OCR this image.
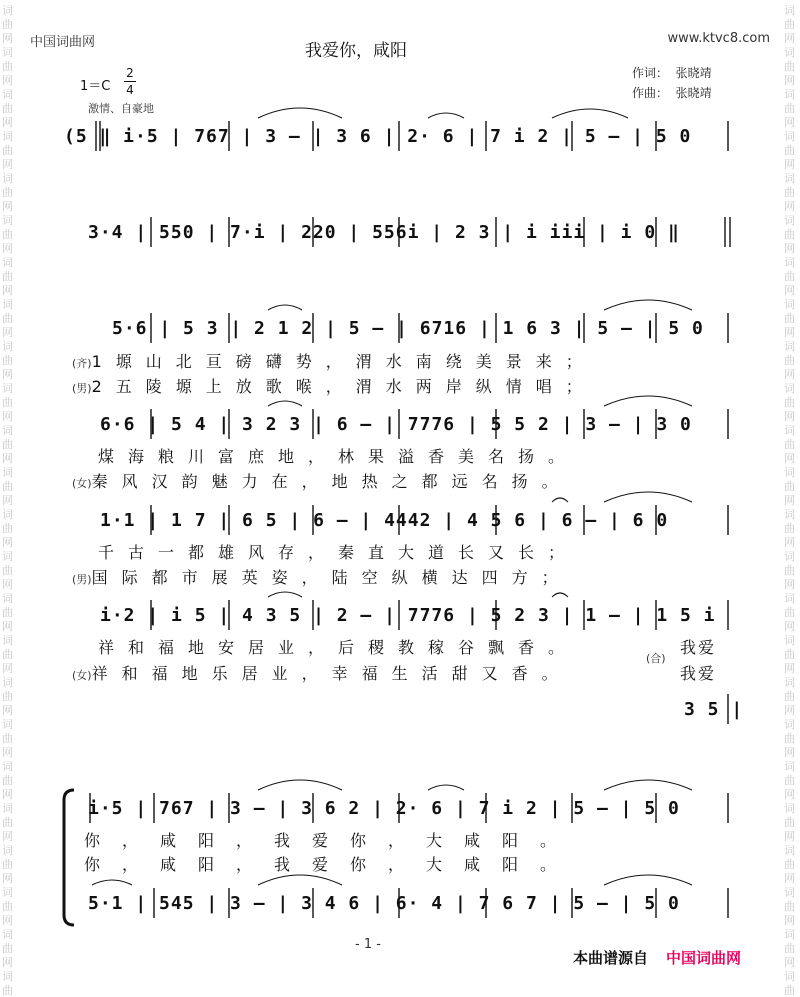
词
曲
网
词
曲
网
词
曲
网
词
曲
网
词
曲
网
词
曲
网
词
曲
网
词
曲
网
词
曲
网
词
曲
网
词
曲
网
词
曲
网
词
曲
网
词
曲
网
词
曲
网
词
曲
网
词
曲
网
词
曲
网
词
曲
网
词
曲
网
词
曲
网
词
曲
网
词
曲
网
词
曲
词
曲
网
词
曲
网
词
曲
网
词
曲
网
词
曲
网
词
曲
网
词
曲
网
词
曲
网
词
曲
网
词
曲
网
词
曲
网
词
曲
网
词
曲
网
词
曲
网
词
曲
网
词
曲
网
词
曲
网
词
曲
网
词
曲
网
词
曲
网
词
曲
网
词
曲
网
词
曲
网
词
曲
中国词曲网	www.ktvc8.com
我爱你，咸阳
1＝C
2
4
激情、自豪地
作词： 张晓靖
作曲： 张晓靖
(5 ‖ i·5 | 767 | 3 – | 3 6 | 2· 6 | 7 i 2 | 5 – | 5 0
3·4 | 550 | 7·i | 220 | 556i | 2 3 | i iii | i 0 ‖
5·6 | 5 3 | 2 1 2 | 5 – | 6716 | 1 6 3 | 5 – | 5 0
6·6 | 5 4 | 3 2 3 | 6 – | 7776 | 5 5 2 | 3 – | 3 0
1·1 | 1 7 | 6 5 | 6 – | 4442 | 4 5 6 | 6 – | 6 0
i·2 | i 5 | 4 3 5 | 2 – | 7776 | 5 2 3 | 1 – | 1 5 i
3 5 |
i·5 | 767 | 3 – | 3 6 2 | 2· 6 | 7 i 2 | 5 – | 5 0
5·1 | 545 | 3 – | 3 4 6 | 6· 4 | 7 6 7 | 5 – | 5 0
(齐)1塬山北亘磅礴势，渭水南绕美景来；
(男)2五陵塬上放歌喉，渭水两岸纵情唱；
煤海粮川富庶地，林果溢香美名扬。
(女)秦风汉韵魅力在，地热之都远名扬。
千古一都雄风存，秦直大道长又长；
(男)国际都市展英姿，陆空纵横达四方；
祥和福地安居业，后稷教稼谷飘香。
(合)
我爱
(女)祥和福地乐居业，幸福生活甜又香。	我爱
你，咸阳，我爱你，大咸阳。
你，咸阳，我爱你，大咸阳。
- 1 -
本曲谱源自 中国词曲网
